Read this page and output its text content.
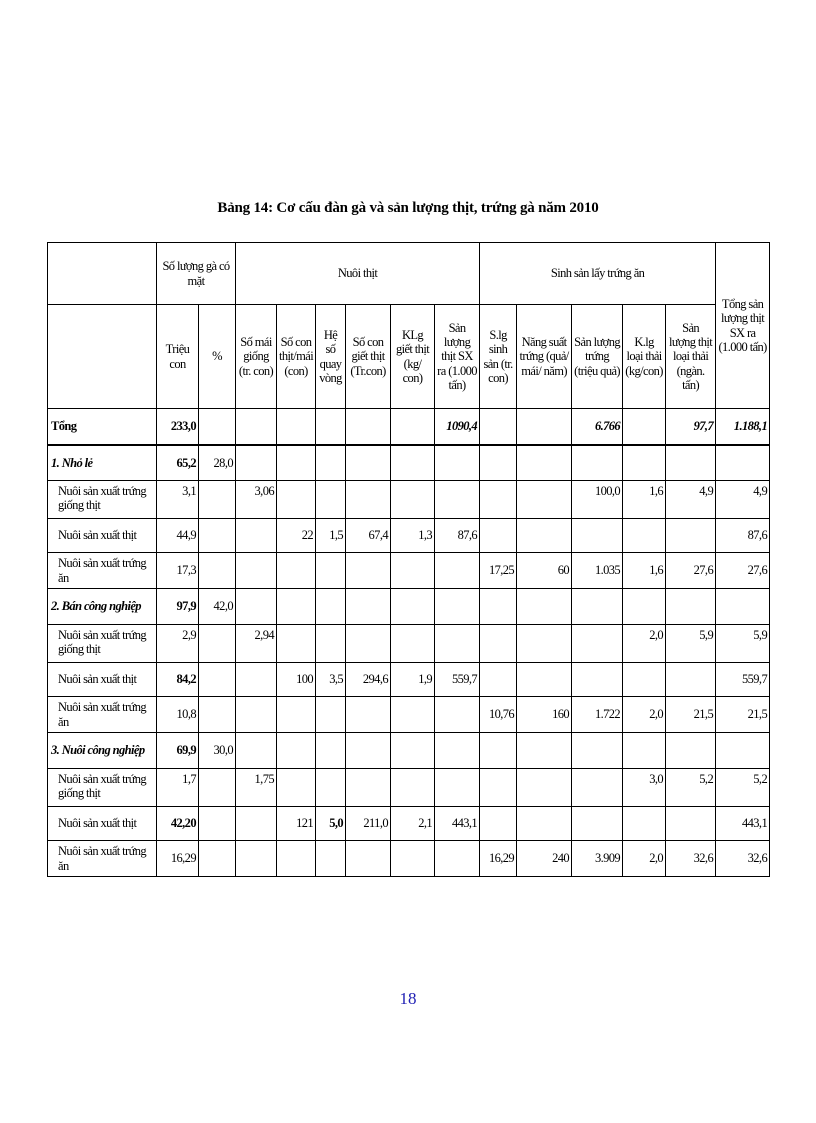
Bảng 14: Cơ cấu đàn gà và sản lượng thịt, trứng gà năm 2010
	Số lượng gà có mặt		Nuôi thịt						Sinh sản lấy trứng ăn					Tổng sản lượng thịt SX ra (1.000 tấn)
	Triệu con	%	Số mái giống (tr. con)	Số con thịt/mái (con)	Hệ số quay vòng	Số con giết thịt (Tr.con)	KLg giết thịt (kg/ con)	Sản lượng thịt SX ra (1.000 tấn)	S.lg sinh sản (tr. con)	Năng suất trứng (quả/ mái/ năm)	Sản lượng trứng (triệu quả)	K.lg loại thải (kg/con)	Sản lượng thịt loại thải (ngàn. tấn)	
Tổng	233,0							1090,4			6.766		97,7	1.188,1
1. Nhỏ lẻ	65,2	28,0												
Nuôi sản xuất trứng giống thịt	3,1		3,06								100,0	1,6	4,9	4,9
Nuôi sản xuất thịt	44,9			22	1,5	67,4	1,3	87,6						87,6
Nuôi sản xuất trứng ăn	17,3								17,25	60	1.035	1,6	27,6	27,6
2. Bán công nghiệp	97,9	42,0												
Nuôi sản xuất trứng giống thịt	2,9		2,94									2,0	5,9	5,9
Nuôi sản xuất thịt	84,2			100	3,5	294,6	1,9	559,7						559,7
Nuôi sản xuất trứng ăn	10,8								10,76	160	1.722	2,0	21,5	21,5
3. Nuôi công nghiệp	69,9	30,0												
Nuôi sản xuất trứng giống thịt	1,7		1,75									3,0	5,2	5,2
Nuôi sản xuất thịt	42,20			121	5,0	211,0	2,1	443,1						443,1
Nuôi sản xuất trứng ăn	16,29								16,29	240	3.909	2,0	32,6	32,6
18
